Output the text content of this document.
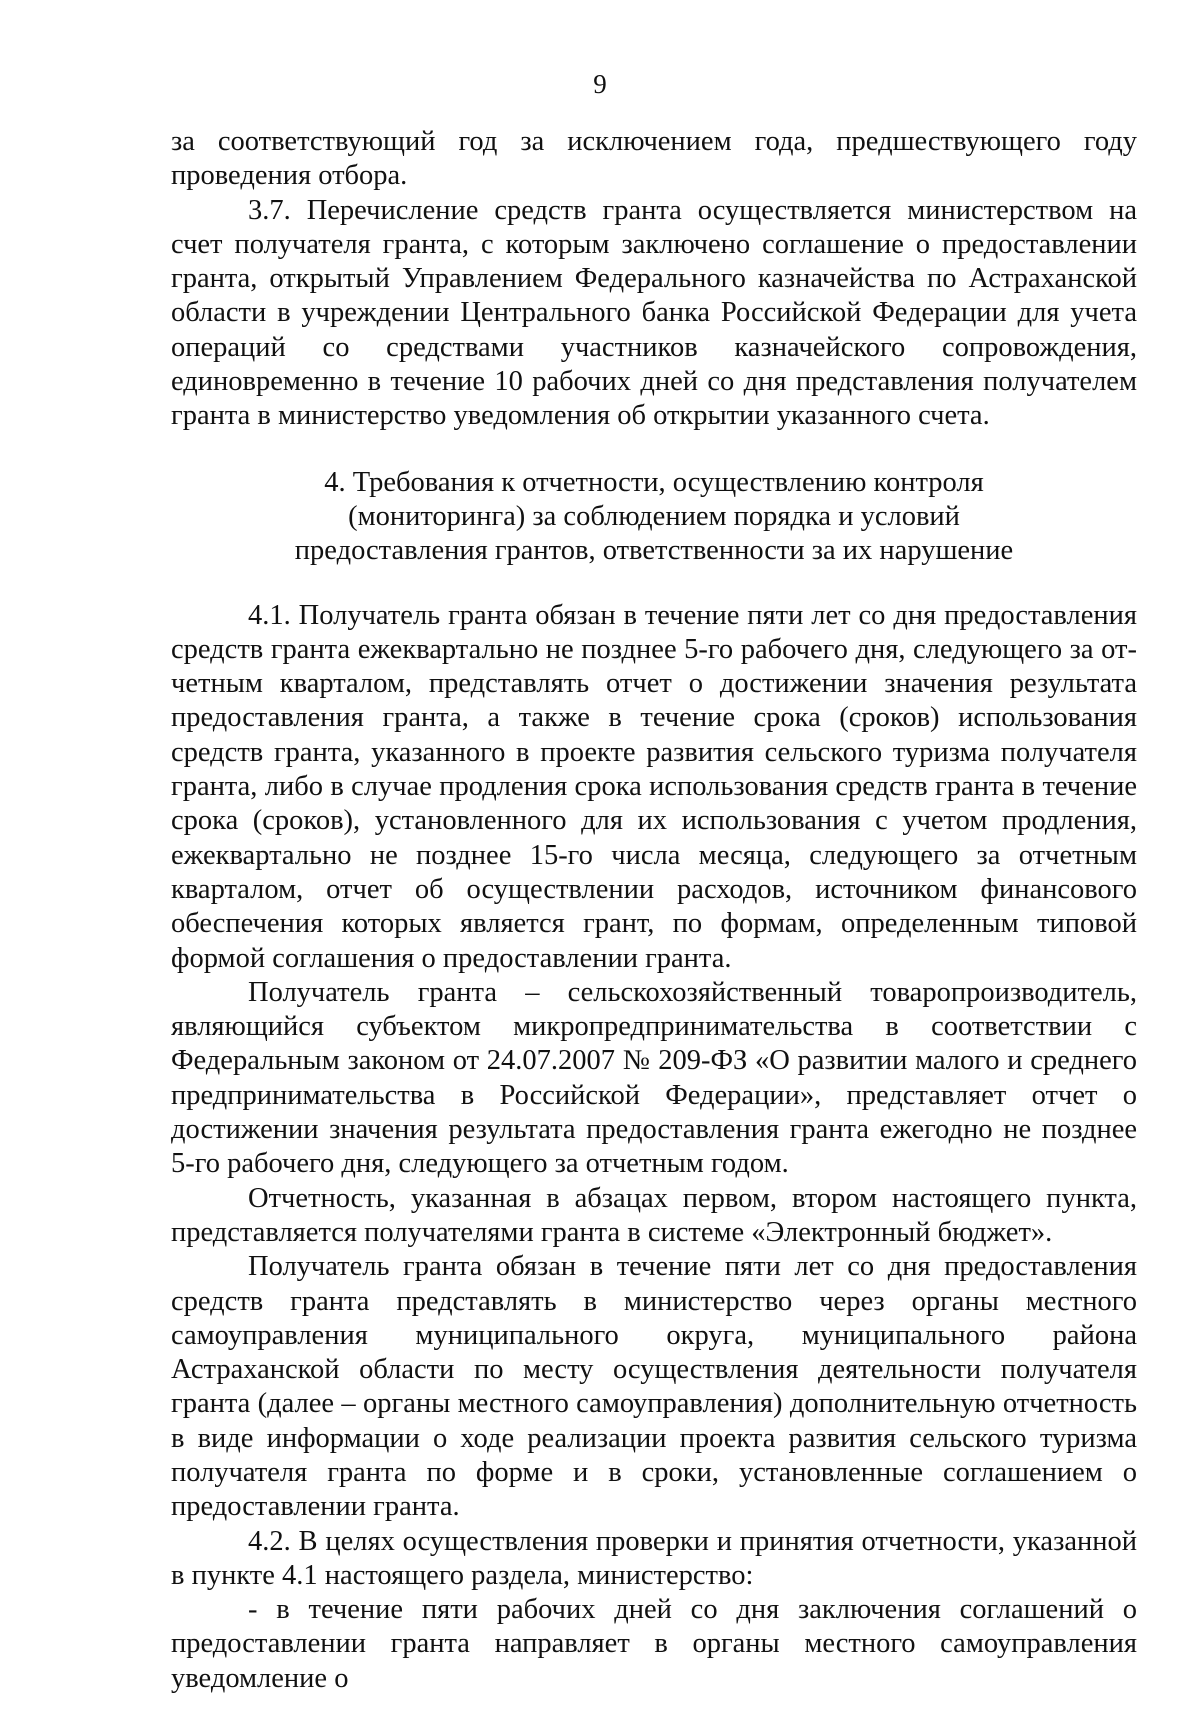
9

за соответствующий год за исключением года, предшествующего году проведения отбора.

3.7. Перечисление средств гранта осуществляется министерством на счет получателя гранта, с которым заключено соглашение о предоставлении гранта, открытый Управлением Федерального казначейства по Астраханской области в учреждении Центрального банка Российской Федерации для учета операций со средствами участников казначейского сопровождения, единовременно в течение 10 рабочих дней со дня представления получателем гранта в министерство уведомления об открытии указанного счета.

4. Требования к отчетности, осуществлению контроля
(мониторинга) за соблюдением порядка и условий
предоставления грантов, ответственности за их нарушение

4.1. Получатель гранта обязан в течение пяти лет со дня предоставления средств гранта ежеквартально не позднее 5-го рабочего дня, следующего за отчетным кварталом, представлять отчет о достижении значения результата предоставления гранта, а также в течение срока (сроков) использования средств гранта, указанного в проекте развития сельского туризма получателя гранта, либо в случае продления срока использования средств гранта в течение срока (сроков), установленного для их использования с учетом продления, ежеквартально не позднее 15-го числа месяца, следующего за отчетным кварталом, отчет об осуществлении расходов, источником финансового обеспечения которых является грант, по формам, определенным типовой формой соглашения о предоставлении гранта.

Получатель гранта – сельскохозяйственный товаропроизводитель, являющийся субъектом микропредпринимательства в соответствии с Федеральным законом от 24.07.2007 № 209-ФЗ «О развитии малого и среднего предпринимательства в Российской Федерации», представляет отчет о достижении значения результата предоставления гранта ежегодно не позднее 5-го рабочего дня, следующего за отчетным годом.

Отчетность, указанная в абзацах первом, втором настоящего пункта, представляется получателями гранта в системе «Электронный бюджет».

Получатель гранта обязан в течение пяти лет со дня предоставления средств гранта представлять в министерство через органы местного самоуправления муниципального округа, муниципального района Астраханской области по месту осуществления деятельности получателя гранта (далее – органы местного самоуправления) дополнительную отчетность в виде информации о ходе реализации проекта развития сельского туризма получателя гранта по форме и в сроки, установленные соглашением о предоставлении гранта.

4.2. В целях осуществления проверки и принятия отчетности, указанной в пункте 4.1 настоящего раздела, министерство:

- в течение пяти рабочих дней со дня заключения соглашений о предоставлении гранта направляет в органы местного самоуправления уведомление о
